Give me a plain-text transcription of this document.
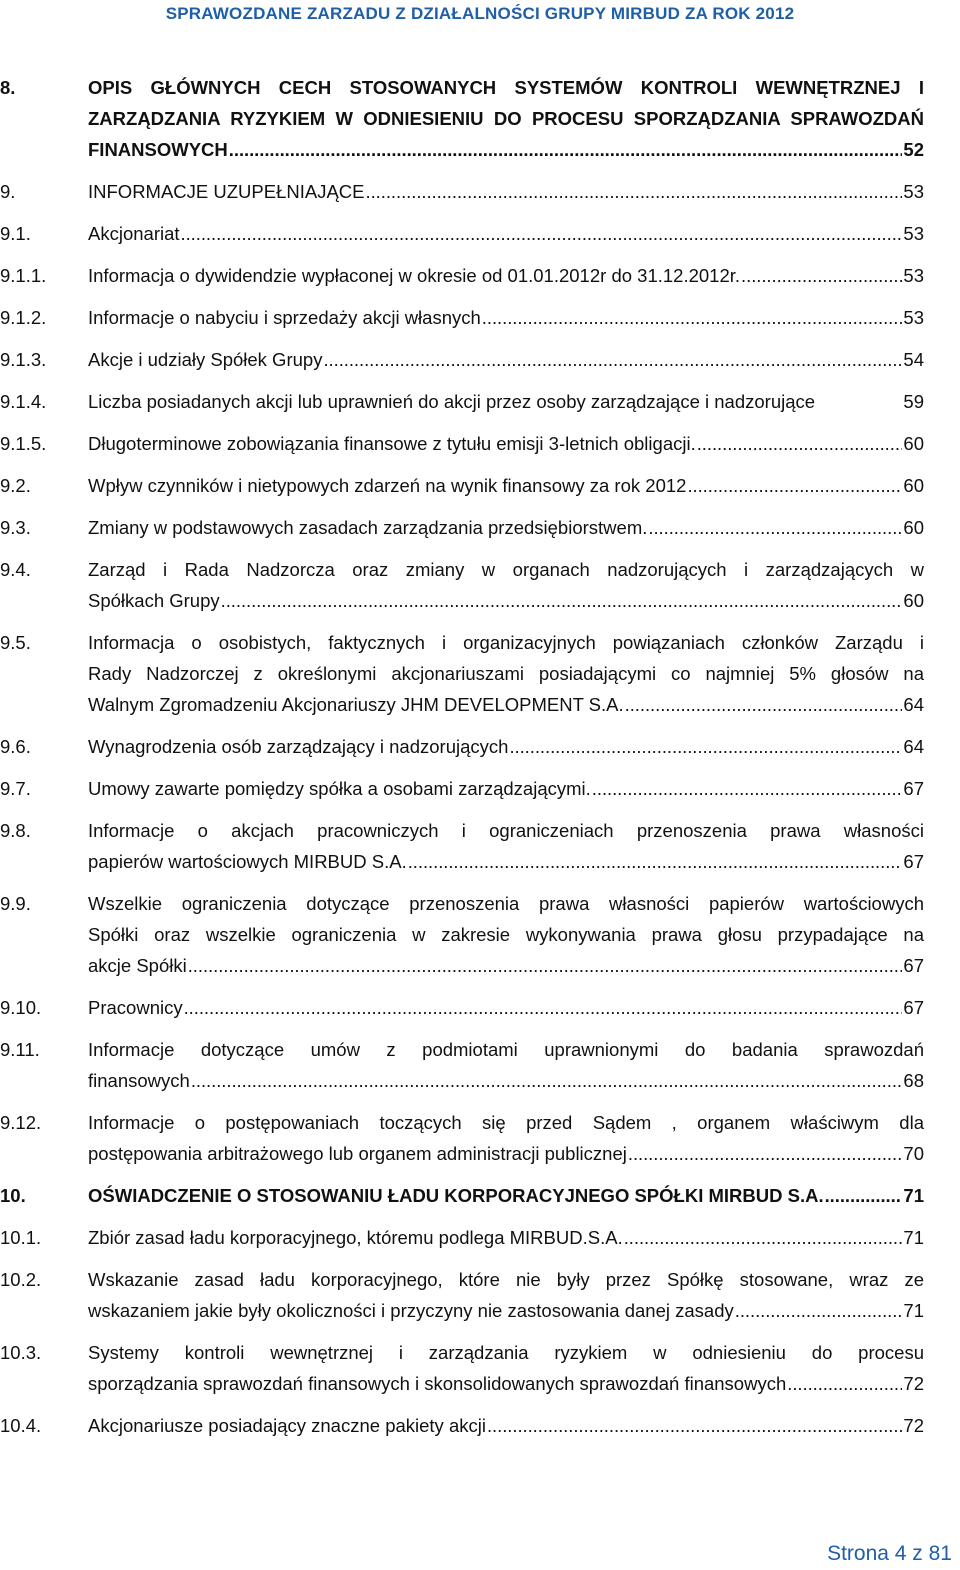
SPRAWOZDANE ZARZADU Z DZIAŁALNOŚCI GRUPY MIRBUD ZA ROK 2012
8.	OPIS GŁÓWNYCH CECH STOSOWANYCH SYSTEMÓW KONTROLI WEWNĘTRZNEJ I
ZARZĄDZANIA RYZYKIEM W ODNIESIENIU DO PROCESU SPORZĄDZANIA SPRAWOZDAŃ
FINANSOWYCH . . .	52
9.	INFORMACJE UZUPEŁNIAJĄCE . . .	53
9.1.	Akcjonariat . . .	53
9.1.1.	Informacja o dywidendzie wypłaconej w okresie od 01.01.2012r do 31.12.2012r. . . .	53
9.1.2.	Informacje o nabyciu i sprzedaży akcji własnych . . .	53
9.1.3.	Akcje i udziały Spółek Grupy . . .	54
9.1.4.	Liczba posiadanych akcji lub uprawnień do akcji przez osoby zarządzające i nadzorujące	59
9.1.5.	Długoterminowe zobowiązania finansowe z tytułu emisji 3-letnich obligacji. . . .	60
9.2.	Wpływ czynników i nietypowych zdarzeń na wynik finansowy za rok 2012 . . .	60
9.3.	Zmiany w podstawowych zasadach zarządzania przedsiębiorstwem. . . .	60
9.4.	Zarząd i Rada Nadzorcza oraz zmiany w organach nadzorujących i zarządzających w
Spółkach Grupy . . .	60
9.5.	Informacja o osobistych, faktycznych i organizacyjnych powiązaniach członków Zarządu i
Rady Nadzorczej z określonymi akcjonariuszami posiadającymi co najmniej 5% głosów na
Walnym Zgromadzeniu Akcjonariuszy JHM DEVELOPMENT S.A. . . .	64
9.6.	Wynagrodzenia osób zarządzający i nadzorujących . . .	64
9.7.	Umowy zawarte pomiędzy spółka a osobami zarządzającymi. . . .	67
9.8.	Informacje o akcjach pracowniczych i ograniczeniach przenoszenia prawa własności
papierów wartościowych MIRBUD S.A. . . .	67
9.9.	Wszelkie ograniczenia dotyczące przenoszenia prawa własności papierów wartościowych
Spółki oraz wszelkie ograniczenia w zakresie wykonywania prawa głosu przypadające na
akcje Spółki . . .	67
9.10.	Pracownicy . . .	67
9.11.	Informacje dotyczące umów z podmiotami uprawnionymi do badania sprawozdań
finansowych . . .	68
9.12.	Informacje o postępowaniach toczących się przed Sądem , organem właściwym dla
postępowania arbitrażowego lub organem administracji publicznej . . .	70
10.	OŚWIADCZENIE O STOSOWANIU ŁADU KORPORACYJNEGO SPÓŁKI MIRBUD S.A. . . .	71
10.1.	Zbiór zasad ładu korporacyjnego, któremu podlega MIRBUD.S.A. . . .	71
10.2.	Wskazanie zasad ładu korporacyjnego, które nie były przez Spółkę stosowane, wraz ze
wskazaniem jakie były okoliczności i przyczyny nie zastosowania danej zasady . . .	71
10.3.	Systemy kontroli wewnętrznej i zarządzania ryzykiem w odniesieniu do procesu
sporządzania sprawozdań finansowych i skonsolidowanych sprawozdań finansowych . . .	72
10.4.	Akcjonariusze posiadający znaczne pakiety akcji . . .	72
Strona 4 z 81
